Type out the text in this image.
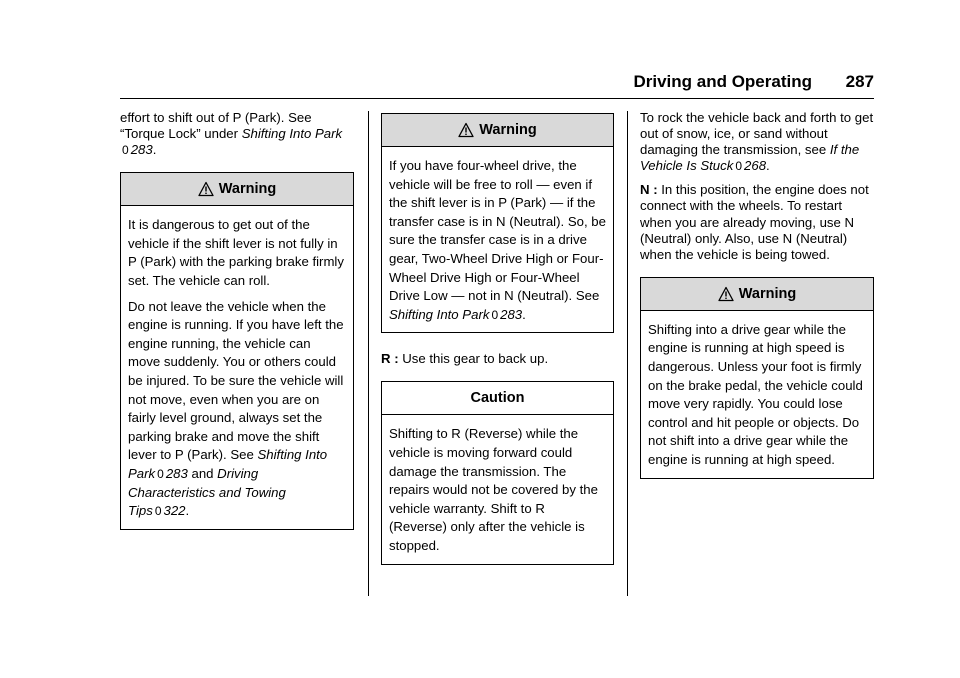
Driving and Operating 287

effort to shift out of P (Park). See “Torque Lock” under Shifting Into Park 0 283.

Warning

It is dangerous to get out of the vehicle if the shift lever is not fully in P (Park) with the parking brake firmly set. The vehicle can roll.

Do not leave the vehicle when the engine is running. If you have left the engine running, the vehicle can move suddenly. You or others could be injured. To be sure the vehicle will not move, even when you are on fairly level ground, always set the parking brake and move the shift lever to P (Park). See Shifting Into Park 0 283 and Driving Characteristics and Towing Tips 0 322.

Warning

If you have four-wheel drive, the vehicle will be free to roll — even if the shift lever is in P (Park) — if the transfer case is in N (Neutral). So, be sure the transfer case is in a drive gear, Two-Wheel Drive High or Four-Wheel Drive High or Four-Wheel Drive Low — not in N (Neutral). See Shifting Into Park 0 283.

R : Use this gear to back up.

Caution

Shifting to R (Reverse) while the vehicle is moving forward could damage the transmission. The repairs would not be covered by the vehicle warranty. Shift to R (Reverse) only after the vehicle is stopped.

To rock the vehicle back and forth to get out of snow, ice, or sand without damaging the transmission, see If the Vehicle Is Stuck 0 268.

N : In this position, the engine does not connect with the wheels. To restart when you are already moving, use N (Neutral) only. Also, use N (Neutral) when the vehicle is being towed.

Warning

Shifting into a drive gear while the engine is running at high speed is dangerous. Unless your foot is firmly on the brake pedal, the vehicle could move very rapidly. You could lose control and hit people or objects. Do not shift into a drive gear while the engine is running at high speed.
